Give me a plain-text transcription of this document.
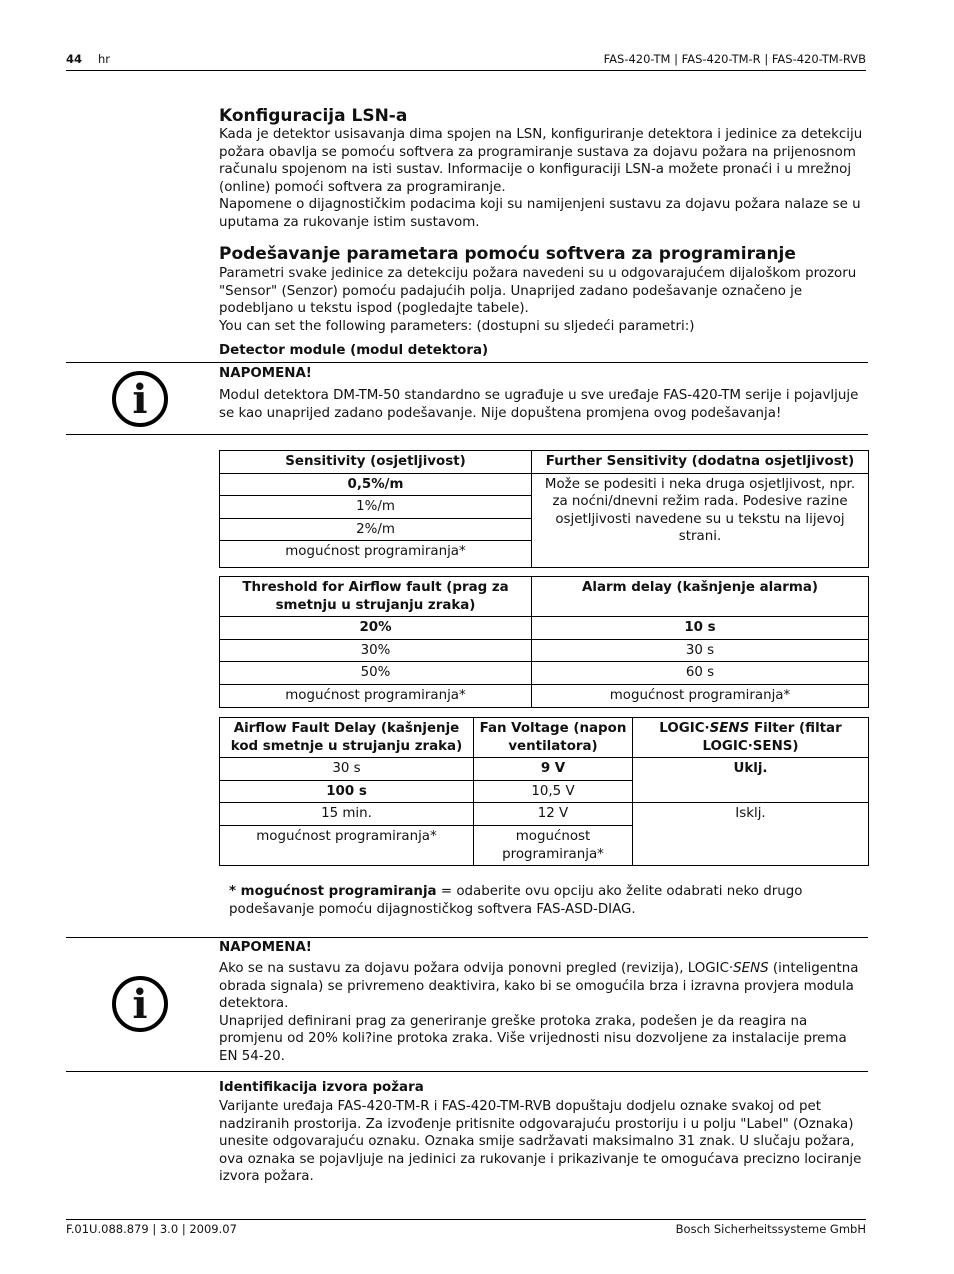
44 hr	FAS-420-TM | FAS-420-TM-R | FAS-420-TM-RVB
Konfiguracija LSN-a

Kada je detektor usisavanja dima spojen na LSN, konfiguriranje detektora i jedinice za detekciju požara obavlja se pomoću softvera za programiranje sustava za dojavu požara na prijenosnom računalu spojenom na isti sustav. Informacije o konfiguraciji LSN-a možete pronaći i u mrežnoj (online) pomoći softvera za programiranje.

Napomene o dijagnostičkim podacima koji su namijenjeni sustavu za dojavu požara nalaze se u uputama za rukovanje istim sustavom.

Podešavanje parametara pomoću softvera za programiranje

Parametri svake jedinice za detekciju požara navedeni su u odgovarajućem dijaloškom prozoru "Sensor" (Senzor) pomoću padajućih polja. Unaprijed zadano podešavanje označeno je podebljano u tekstu ispod (pogledajte tabele).

You can set the following parameters: (dostupni su sljedeći parametri:)

Detector module (modul detektora)
i
NAPOMENA!
Modul detektora DM-TM-50 standardno se ugrađuje u sve uređaje FAS-420-TM serije i pojavljuje se kao unaprijed zadano podešavanje. Nije dopuštena promjena ovog podešavanja!
Sensitivity (osjetljivost)	Further Sensitivity (dodatna osjetljivost)
0,5%/m	Može se podesiti i neka druga osjetljivost, npr. za noćni/dnevni režim rada. Podesive razine osjetljivosti navedene su u tekstu na lijevoj strani.
1%/m	
2%/m	
mogućnost programiranja*	
Threshold for Airflow fault (prag za smetnju u strujanju zraka)	Alarm delay (kašnjenje alarma)
20%	10 s
30%	30 s
50%	60 s
mogućnost programiranja*	mogućnost programiranja*
Airflow Fault Delay (kašnjenje kod smetnje u strujanju zraka)	Fan Voltage (napon ventilatora)	LOGIC·SENS Filter (filtar LOGIC·SENS)
30 s	9 V	Uklj.
100 s	10,5 V	
15 min.	12 V	Isklj.
mogućnost programiranja*	mogućnost programiranja*	
* mogućnost programiranja = odaberite ovu opciju ako želite odabrati neko drugo podešavanje pomoću dijagnostičkog softvera FAS-ASD-DIAG.
i
NAPOMENA!

Ako se na sustavu za dojavu požara odvija ponovni pregled (revizija), LOGIC·SENS (inteligentna obrada signala) se privremeno deaktivira, kako bi se omogućila brza i izravna provjera modula detektora.

Unaprijed definirani prag za generiranje greške protoka zraka, podešen je da reagira na promjenu od 20% koli?ine protoka zraka. Više vrijednosti nisu dozvoljene za instalacije prema EN 54-20.

Identifikacija izvora požara
Varijante uređaja FAS-420-TM-R i FAS-420-TM-RVB dopuštaju dodjelu oznake svakoj od pet nadziranih prostorija. Za izvođenje pritisnite odgovarajuću prostoriju i u polju "Label" (Oznaka) unesite odgovarajuću oznaku. Oznaka smije sadržavati maksimalno 31 znak. U slučaju požara, ova oznaka se pojavljuje na jedinici za rukovanje i prikazivanje te omogućava precizno lociranje izvora požara.
F.01U.088.879 | 3.0 | 2009.07	Bosch Sicherheitssysteme GmbH
